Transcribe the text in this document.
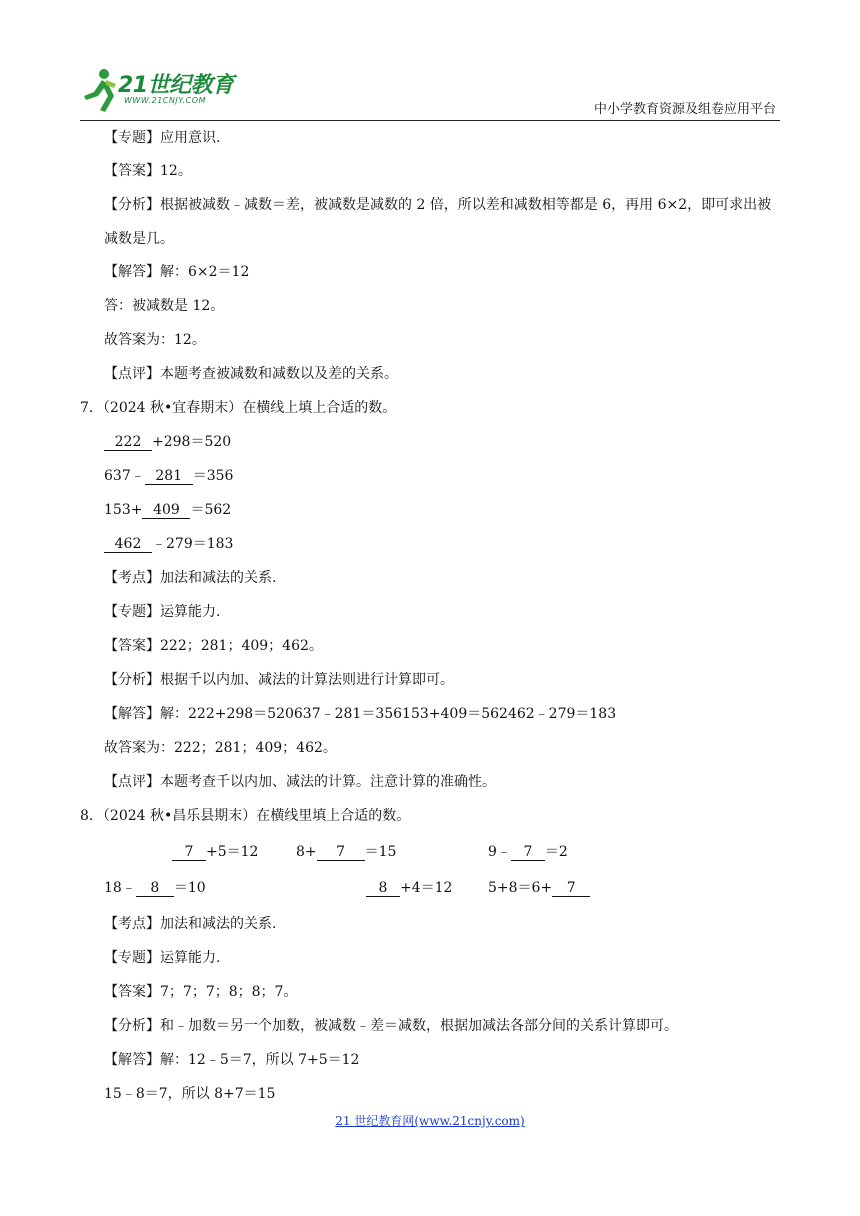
21世纪教育
WWW.21CNJY.COM
中小学教育资源及组卷应用平台
【专题】应用意识.
【答案】12。
【分析】根据被减数﹣减数＝差，被减数是减数的 2 倍，所以差和减数相等都是 6，再用 6×2，即可求出被减数是几。
【解答】解：6×2＝12
答：被减数是 12。
故答案为：12。
【点评】本题考查被减数和减数以及差的关系。
7．（2024 秋•宜春期末）在横线上填上合适的数。
222 +298＝520
637﹣ 281 ＝356
153+ 409 ＝562
462 ﹣279＝183
【考点】加法和减法的关系.
【专题】运算能力.
【答案】222；281；409；462。
【分析】根据千以内加、减法的计算法则进行计算即可。
【解答】解：222+298＝520637﹣281＝356153+409＝562462﹣279＝183
故答案为：222；281；409；462。
【点评】本题考查千以内加、减法的计算。注意计算的准确性。
8．（2024 秋•昌乐县期末）在横线里填上合适的数。
7 +5＝12	8+ 7 ＝15	9﹣ 7 ＝2
18﹣ 8 ＝10	8 +4＝12	5+8＝6+ 7
【考点】加法和减法的关系.
【专题】运算能力.
【答案】7；7；7；8；8；7。
【分析】和﹣加数＝另一个加数，被减数﹣差＝减数，根据加减法各部分间的关系计算即可。
【解答】解：12﹣5＝7，所以 7+5＝12
15﹣8＝7，所以 8+7＝15
21 世纪教育网(www.21cnjy.com)
